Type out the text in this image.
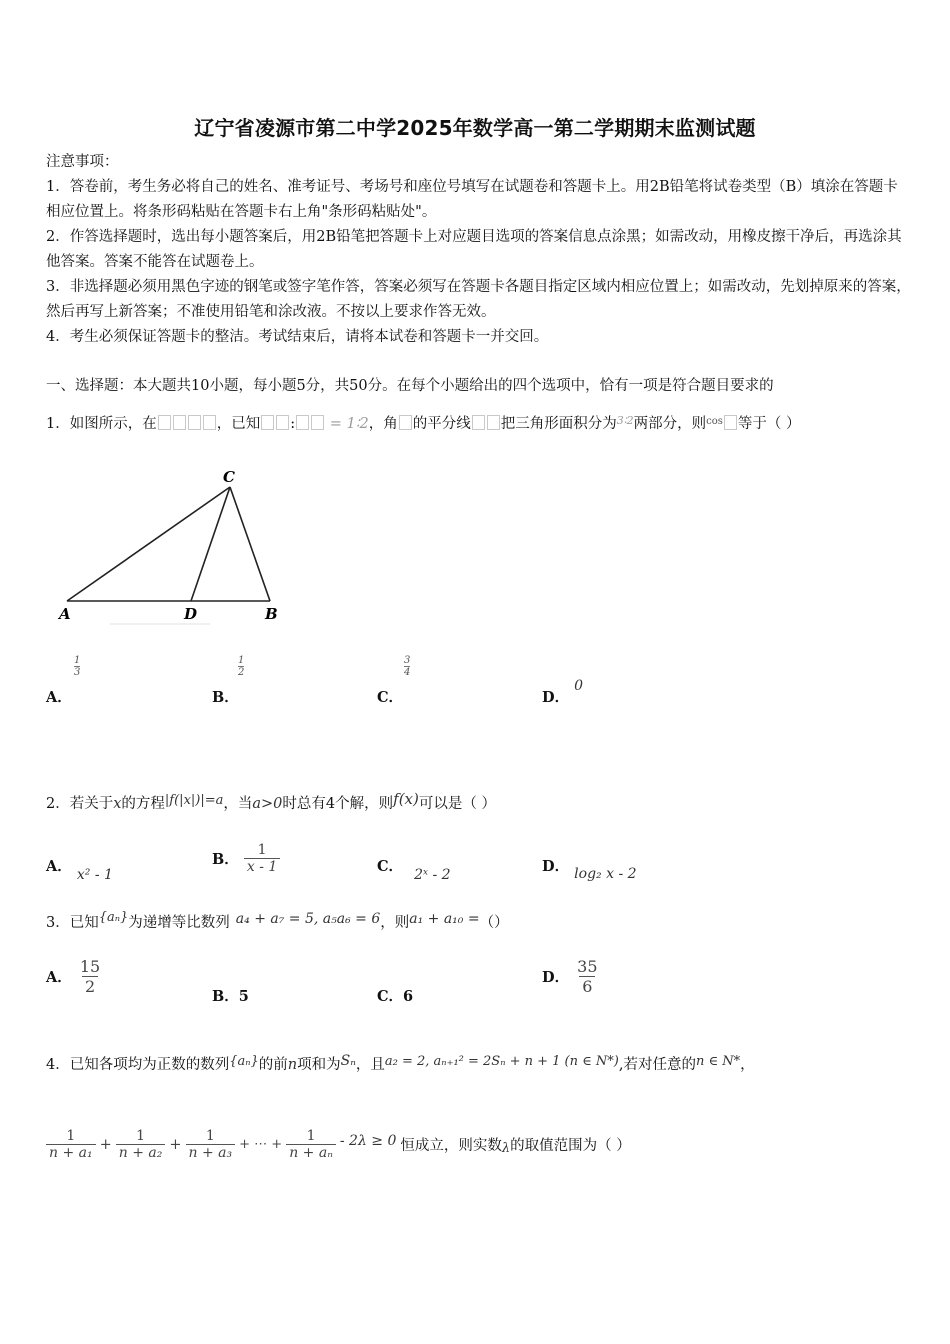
辽宁省凌源市第二中学2025年数学高一第二学期期末监测试题

注意事项：

1．答卷前，考生务必将自己的姓名、准考证号、考场号和座位号填写在试题卷和答题卡上。用2B铅笔将试卷类型（B）填涂在答题卡相应位置上。将条形码粘贴在答题卡右上角"条形码粘贴处"。

2．作答选择题时，选出每小题答案后，用2B铅笔把答题卡上对应题目选项的答案信息点涂黑；如需改动，用橡皮擦干净后，再选涂其他答案。答案不能答在试题卷上。

3．非选择题必须用黑色字迹的钢笔或签字笔作答，答案必须写在答题卡各题目指定区域内相应位置上；如需改动，先划掉原来的答案，然后再写上新答案；不准使用铅笔和涂改液。不按以上要求作答无效。

4．考生必须保证答题卡的整洁。考试结束后，请将本试卷和答题卡一并交回。

一、选择题：本大题共10小题，每小题5分，共50分。在每个小题给出的四个选项中，恰有一项是符合题目要求的
1．如图所示，在	，已知 : = 1∶2，角 的平分线 把三角形面积分为$^{3∶2}$两部分，则$^{cos}$ 等于（ ）
C
A	D	B
A．
$\frac{1}{3}$
B．
$\frac{1}{2}$
C．
$\frac{3}{4}$
D． 0
2．若关于x的方程|f(|x|)|=a，当a>0时总有4个解，则f(x)可以是（ ）
A． x² - 1
B． $\frac{1}{x - 1}$	C． 2ˣ - 2	D． log₂ x - 2
3．已知{aₙ}为递增等比数列 a₄ + a₇ = 5, a₅a₆ = 6，则a₁ + a₁₀ =（）
A． $\frac{15}{2}$
B．5	C．6
D． $\frac{35}{6}$
4．已知各项均为正数的数列{aₙ}的前n项和为Sₙ，且a₂ = 2, aₙ₊₁² = 2Sₙ + n + 1 (n ∈ N*),若对任意的n ∈ N*，
$\frac{1}{\text{n + a₁}} + \frac{1}{\text{n + a₂}} + \frac{1}{\text{n + a₃}}$ + ⋯ + $\frac{1}{\text{n + aₙ}} - 2\lambda \ge 0$ 恒成立，则实数 λ 的取值范围为（ ）
